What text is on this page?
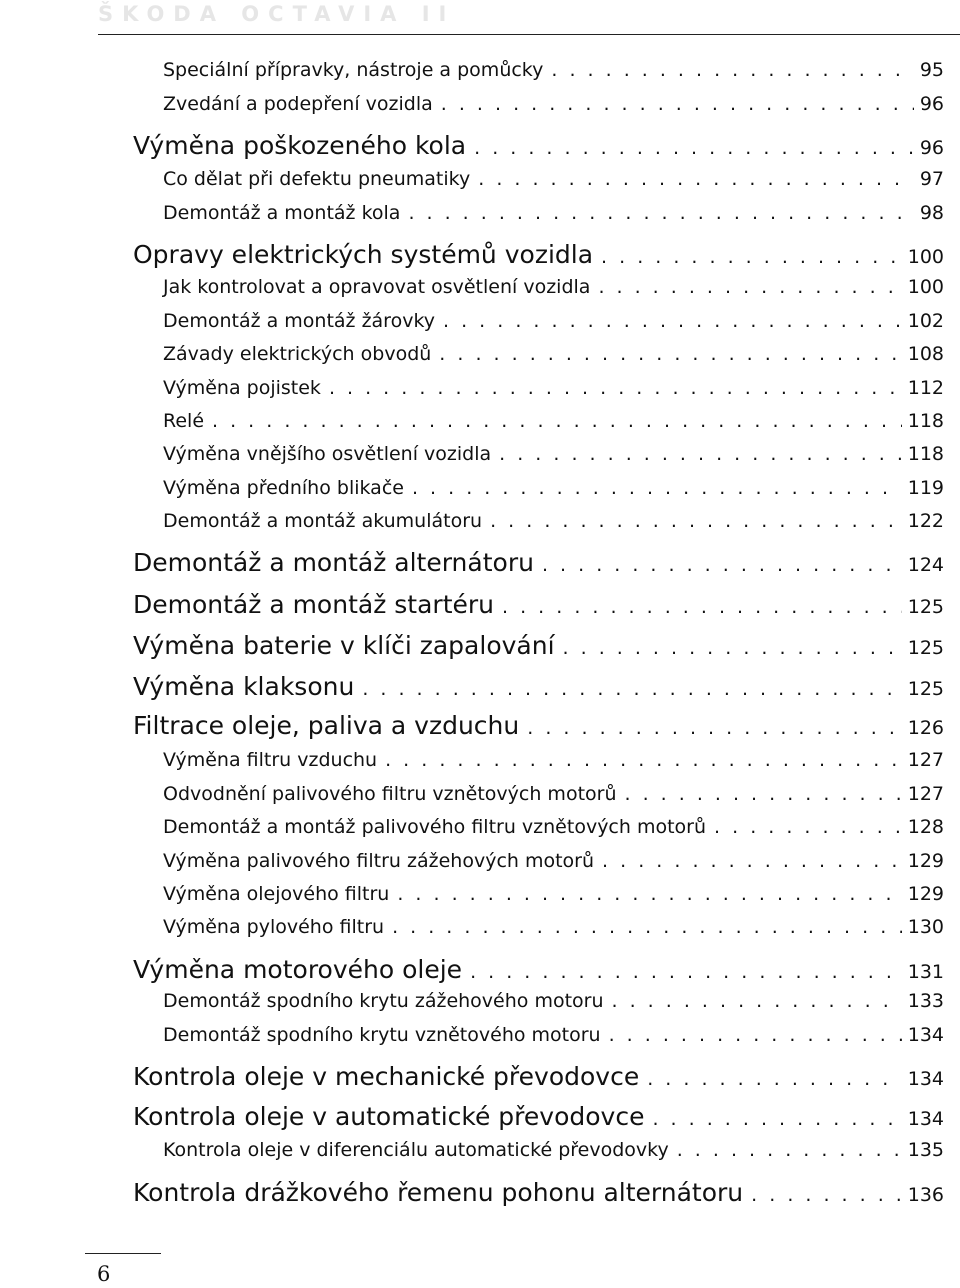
ŠKODA OCTAVIA II
Speciální přípravky, nástroje a pomůcky . . .	95
Zvedání a podepření vozidla . . .	96
Výměna poškozeného kola . . .	96
Co dělat při defektu pneumatiky . . .	97
Demontáž a montáž kola . . .	98
Opravy elektrických systémů vozidla . . .	100
Jak kontrolovat a opravovat osvětlení vozidla . . .	100
Demontáž a montáž žárovky . . .	102
Závady elektrických obvodů . . .	108
Výměna pojistek . . .	112
Relé . . .	118
Výměna vnějšího osvětlení vozidla . . .	118
Výměna předního blikače . . .	119
Demontáž a montáž akumulátoru . . .	122
Demontáž a montáž alternátoru . . .	124
Demontáž a montáž startéru . . .	125
Výměna baterie v klíči zapalování . . .	125
Výměna klaksonu . . .	125
Filtrace oleje, paliva a vzduchu . . .	126
Výměna filtru vzduchu . . .	127
Odvodnění palivového filtru vznětových motorů . . .	127
Demontáž a montáž palivového filtru vznětových motorů . . .	128
Výměna palivového filtru zážehových motorů . . .	129
Výměna olejového filtru . . .	129
Výměna pylového filtru . . .	130
Výměna motorového oleje . . .	131
Demontáž spodního krytu zážehového motoru . . .	133
Demontáž spodního krytu vznětového motoru . . .	134
Kontrola oleje v mechanické převodovce . . .	134
Kontrola oleje v automatické převodovce . . .	134
Kontrola oleje v diferenciálu automatické převodovky . . .	135
Kontrola drážkového řemenu pohonu alternátoru . . .	136
6
